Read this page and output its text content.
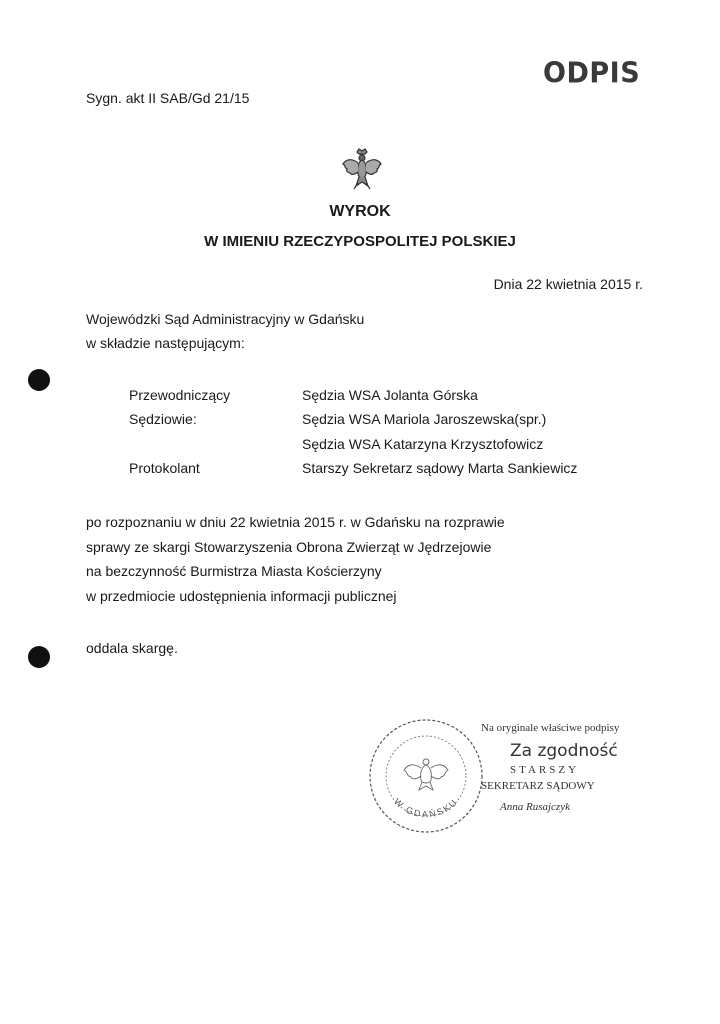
Sygn. akt II SAB/Gd 21/15
ODPIS
WYROK
W IMIENIU RZECZYPOSPOLITEJ POLSKIEJ
Dnia 22 kwietnia 2015 r.
Wojewódzki Sąd Administracyjny w Gdańsku
w składzie następującym:
Przewodniczący	Sędzia WSA Jolanta Górska
Sędziowie:	Sędzia WSA Mariola Jaroszewska(spr.)
Sędzia WSA Katarzyna Krzysztofowicz
Protokolant	Starszy Sekretarz sądowy Marta Sankiewicz
po rozpoznaniu w dniu 22 kwietnia 2015 r. w Gdańsku na rozprawie
sprawy ze skargi Stowarzyszenia Obrona Zwierząt w Jędrzejowie
na bezczynność Burmistrza Miasta Kościerzyny
w przedmiocie udostępnienia informacji publicznej
oddala skargę.
W GDAŃSKU
Na oryginale właściwe podpisy
Za zgodność
STARSZY
SEKRETARZ SĄDOWY
Anna Rusajczyk
